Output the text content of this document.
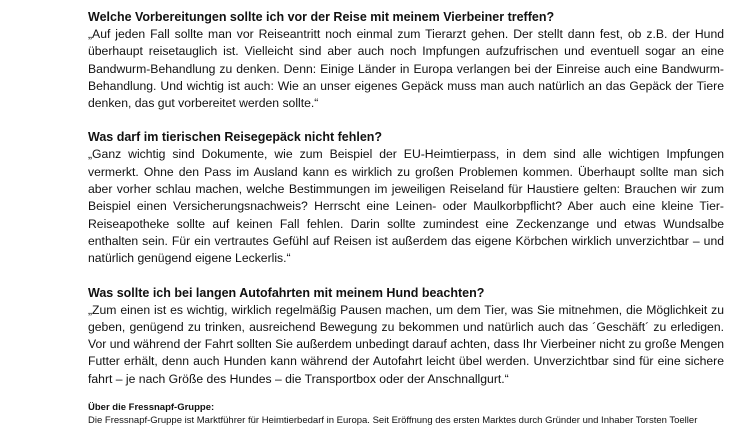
Welche Vorbereitungen sollte ich vor der Reise mit meinem Vierbeiner treffen?

„Auf jeden Fall sollte man vor Reiseantritt noch einmal zum Tierarzt gehen. Der stellt dann fest, ob z.B. der Hund überhaupt reisetauglich ist. Vielleicht sind aber auch noch Impfungen aufzufrischen und eventuell sogar an eine Bandwurm-Behandlung zu denken. Denn: Einige Länder in Europa verlangen bei der Einreise auch eine Bandwurm-Behandlung. Und wichtig ist auch: Wie an unser eigenes Gepäck muss man auch natürlich an das Gepäck der Tiere denken, das gut vorbereitet werden sollte.“

Was darf im tierischen Reisegepäck nicht fehlen?

„Ganz wichtig sind Dokumente, wie zum Beispiel der EU-Heimtierpass, in dem sind alle wichtigen Impfungen vermerkt. Ohne den Pass im Ausland kann es wirklich zu großen Problemen kommen. Überhaupt sollte man sich aber vorher schlau machen, welche Bestimmungen im jeweiligen Reiseland für Haustiere gelten: Brauchen wir zum Beispiel einen Versicherungsnachweis? Herrscht eine Leinen- oder Maulkorbpflicht? Aber auch eine kleine Tier-Reiseapotheke sollte auf keinen Fall fehlen. Darin sollte zumindest eine Zeckenzange und etwas Wundsalbe enthalten sein. Für ein vertrautes Gefühl auf Reisen ist außerdem das eigene Körbchen wirklich unverzichtbar – und natürlich genügend eigene Leckerlis.“

Was sollte ich bei langen Autofahrten mit meinem Hund beachten?

„Zum einen ist es wichtig, wirklich regelmäßig Pausen machen, um dem Tier, was Sie mitnehmen, die Möglichkeit zu geben, genügend zu trinken, ausreichend Bewegung zu bekommen und natürlich auch das ´Geschäft´ zu erledigen. Vor und während der Fahrt sollten Sie außerdem unbedingt darauf achten, dass Ihr Vierbeiner nicht zu große Mengen Futter erhält, denn auch Hunden kann während der Autofahrt leicht übel werden. Unverzichtbar sind für eine sichere fahrt – je nach Größe des Hundes – die Transportbox oder der Anschnallgurt.“

Über die Fressnapf-Gruppe:

Die Fressnapf-Gruppe ist Marktführer für Heimtierbedarf in Europa. Seit Eröffnung des ersten Marktes durch Gründer und Inhaber Torsten Toeller
